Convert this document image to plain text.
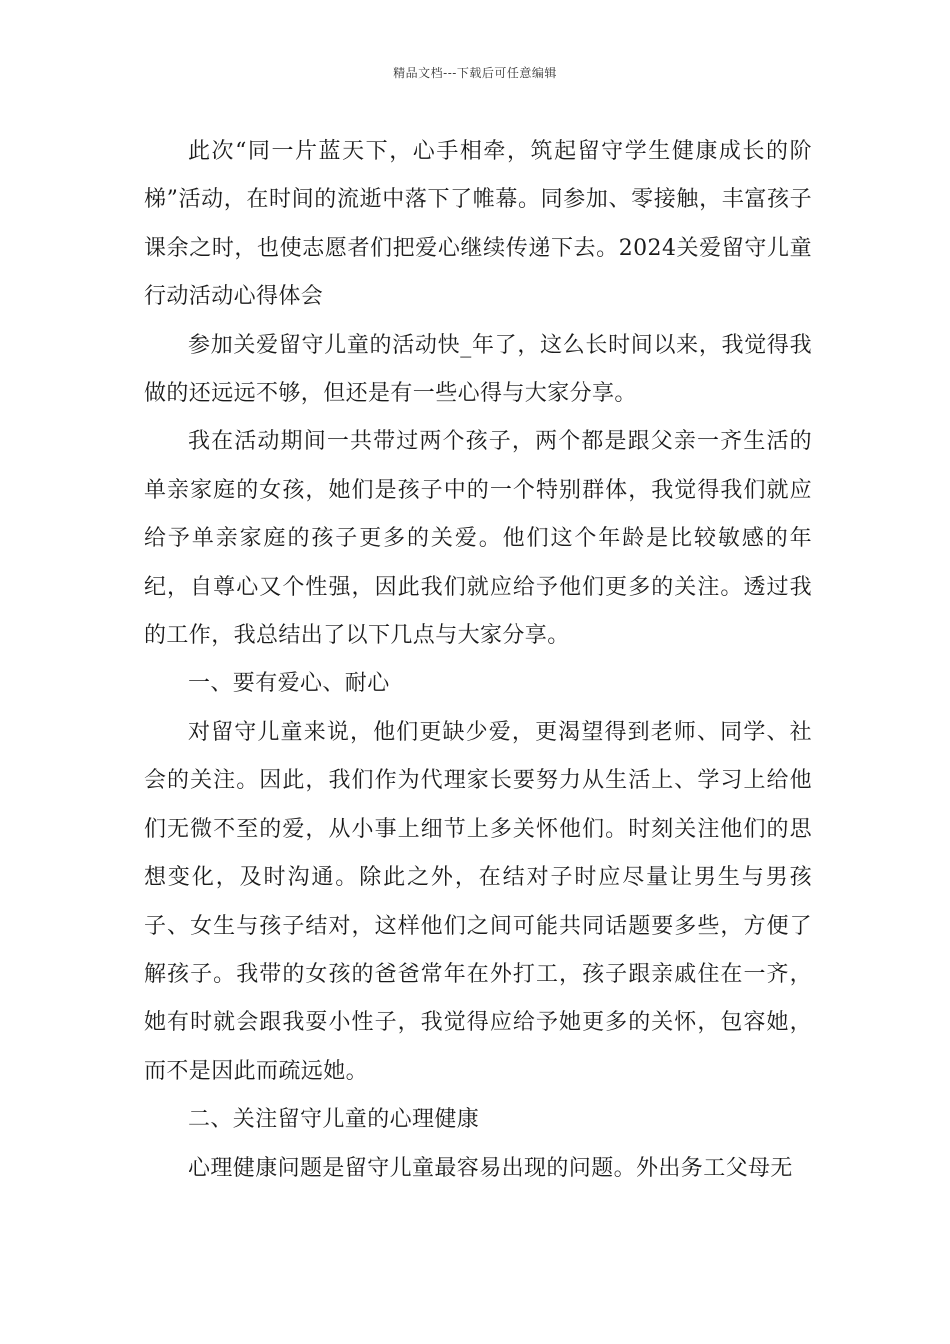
精品文档---下载后可任意编辑

此次“同一片蓝天下，心手相牵，筑起留守学生健康成长的阶梯”活动，在时间的流逝中落下了帷幕。同参加、零接触，丰富孩子课余之时，也使志愿者们把爱心继续传递下去。2024关爱留守儿童行动活动心得体会

参加关爱留守儿童的活动快_年了，这么长时间以来，我觉得我做的还远远不够，但还是有一些心得与大家分享。

我在活动期间一共带过两个孩子，两个都是跟父亲一齐生活的单亲家庭的女孩，她们是孩子中的一个特别群体，我觉得我们就应给予单亲家庭的孩子更多的关爱。他们这个年龄是比较敏感的年纪，自尊心又个性强，因此我们就应给予他们更多的关注。透过我的工作，我总结出了以下几点与大家分享。

一、要有爱心、耐心

对留守儿童来说，他们更缺少爱，更渴望得到老师、同学、社会的关注。因此，我们作为代理家长要努力从生活上、学习上给他们无微不至的爱，从小事上细节上多关怀他们。时刻关注他们的思想变化，及时沟通。除此之外，在结对子时应尽量让男生与男孩子、女生与孩子结对，这样他们之间可能共同话题要多些，方便了解孩子。我带的女孩的爸爸常年在外打工，孩子跟亲戚住在一齐，她有时就会跟我耍小性子，我觉得应给予她更多的关怀，包容她，而不是因此而疏远她。

二、关注留守儿童的心理健康

心理健康问题是留守儿童最容易出现的问题。外出务工父母无
